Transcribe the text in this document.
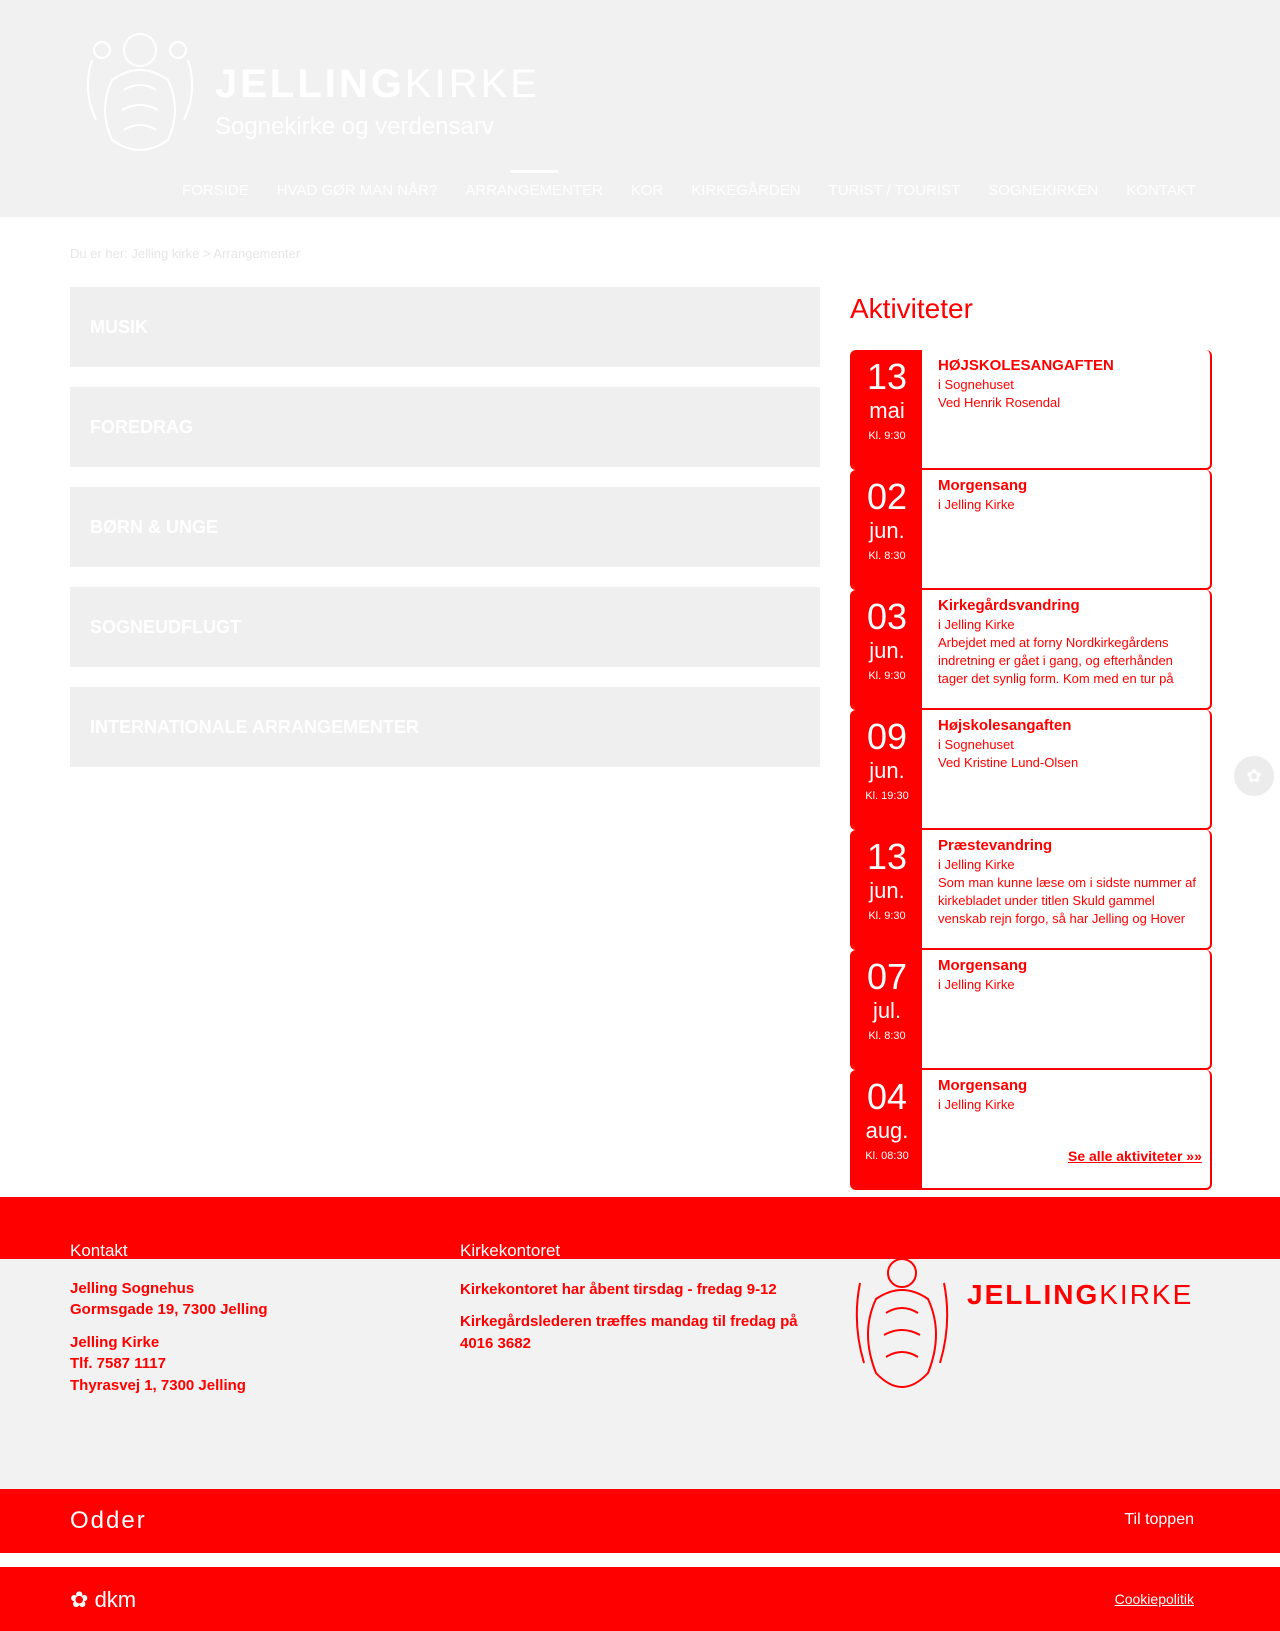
JELLINGKIRKE
Sognekirke og verdensarv
FORSIDE	HVAD GØR MAN NÅR?	ARRANGEMENTER	KOR	KIRKEGÅRDEN	TURIST / TOURIST	SOGNEKIRKEN	KONTAKT
Du er her: Jelling kirke > Arrangementer
MUSIK
FOREDRAG
BØRN & UNGE
SOGNEUDFLUGT
INTERNATIONALE ARRANGEMENTER
Aktiviteter
13
mai
Kl. 9:30
HØJSKOLESANGAFTEN
i Sognehuset
Ved Henrik Rosendal
02
jun.
Kl. 8:30
Morgensang
i Jelling Kirke
03
jun.
Kl. 9:30
Kirkegårdsvandring
i Jelling Kirke
Arbejdet med at forny Nordkirkegårdens indretning er gået i gang, og efterhånden tager det synlig form. Kom med en tur på
09
jun.
Kl. 19:30
Højskolesangaften
i Sognehuset
Ved Kristine Lund-Olsen
13
jun.
Kl. 9:30
Præstevandring
i Jelling Kirke
Som man kunne læse om i sidste nummer af kirkebladet under titlen Skuld gammel venskab rejn forgo, så har Jelling og Hover
07
jul.
Kl. 8:30
Morgensang
i Jelling Kirke
04
aug.
Kl. 08:30
Morgensang
i Jelling Kirke
Se alle aktiviteter »»
✿
Kontakt
Jelling Sognehus
Gormsgade 19, 7300 Jelling
Jelling Kirke
Tlf. 7587 1117
Thyrasvej 1, 7300 Jelling
Kirkekontoret
Kirkekontoret har åbent tirsdag - fredag 9-12
Kirkegårdslederen træffes mandag til fredag på 4016 3682
JELLINGKIRKE
Odder	Til toppen
✿ dkm	Cookiepolitik
